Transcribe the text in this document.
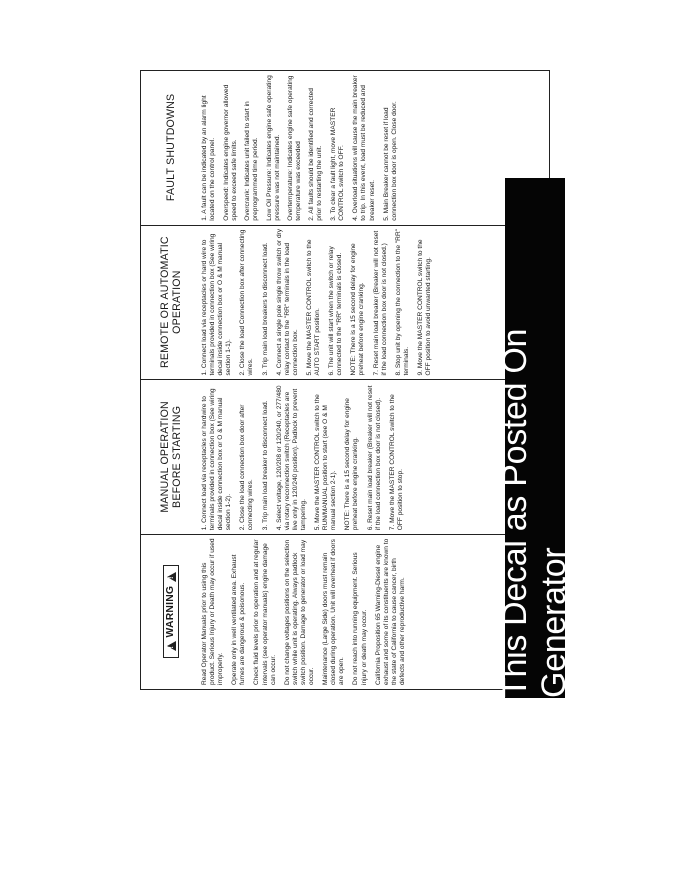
!
WARNING
!	Read Operator Manuals prior to using this product. Serious Injury or Death may occur if used improperly. Operate only in well ventilated area. Exhaust fumes are dangerous & poisonous. Check fluid levels prior to operation and at regular intervals (see operator manuals) engine damage can occur. Do not change voltages positions on the selection switch while unit is operating. Always padlock switch position. Damage to generator or load may occur. Maintenance (Large Side) doors must remain closed during operation. Unit will overheat if doors are open. Do not reach into running equipment. Serious injury or death may occur. California Proposition 65 Warning-Diesel engine exhaust and some of its constituents are known to the state of California to cause cancer, birth defects and other reproductive harm.

MANUAL OPERATION BEFORE STARTING	1. Connect load via receptacles or hardwire to terminals provided in connection box (See wiring decal inside connection box or O & M manual section 1-2). 2. Close the load connection box door after connecting wires. 3. Trip main load breaker to disconnect load. 4. Select voltage, 120/208 or 120/240, or 277/480 via rotary reconnection switch (Receptacles are live only in 120/240 position). Padlock to prevent tampering. 5. Move the MASTER CONTROL switch to the RUN/MANUAL position to start (see O & M manual section 2-1). NOTE: There is a 15 second delay for engine preheat before engine cranking. 6. Reset main load breaker (Breaker will not reset if the load connection box door is not closed). 7. Move the MASTER CONTROL switch to the OFF position to stop.

REMOTE OR AUTOMATIC OPERATION	1. Connect load via receptacles or hard wire to terminals provided in connection box (See wiring decal inside connection box or O & M manual section 1-1). 2. Close the load Connection box after connecting wires. 3. Trip main load breakers to disconnect load. 4. Connect a single pole single throw switch or dry relay contact to the "RR" terminals in the load connection box. 5. Move the MASTER CONTROL switch to the AUTO START position. 6. The unit will start when the switch or relay connected to the "RR" terminals is closed. NOTE: There is a 15 second delay for engine preheat before engine cranking. 7. Reset main load breaker (Breaker will not reset if the load connection box door is not closed.) 8. Stop unit by opening the connection to the "RR" terminals. 9. Move the MASTER CONTROL switch to the OFF position to avoid unwanted starting.

FAULT SHUTDOWNS	1. A fault can be indicated by an alarm light located on the control panel. Overspeed: Indicates engine governor allowed speed to exceed safe limits. Overcrank: Indicates unit failed to start in preprogrammed time period. Low Oil Pressure: Indicates engine safe operating pressure was not maintained. Overtemperature: Indicates engine safe operating temperature was exceeded 2. All faults should be identified and corrected prior to restarting the unit. 3. To clear a fault light, move MASTER CONTROL switch to OFF. 4. Overload situations will cause the main breaker to trip. In this event, load must be reduced and breaker reset. 5. Main Breaker cannot be reset if load connection box door is open. Close door.

This Decal as Posted On Generator
